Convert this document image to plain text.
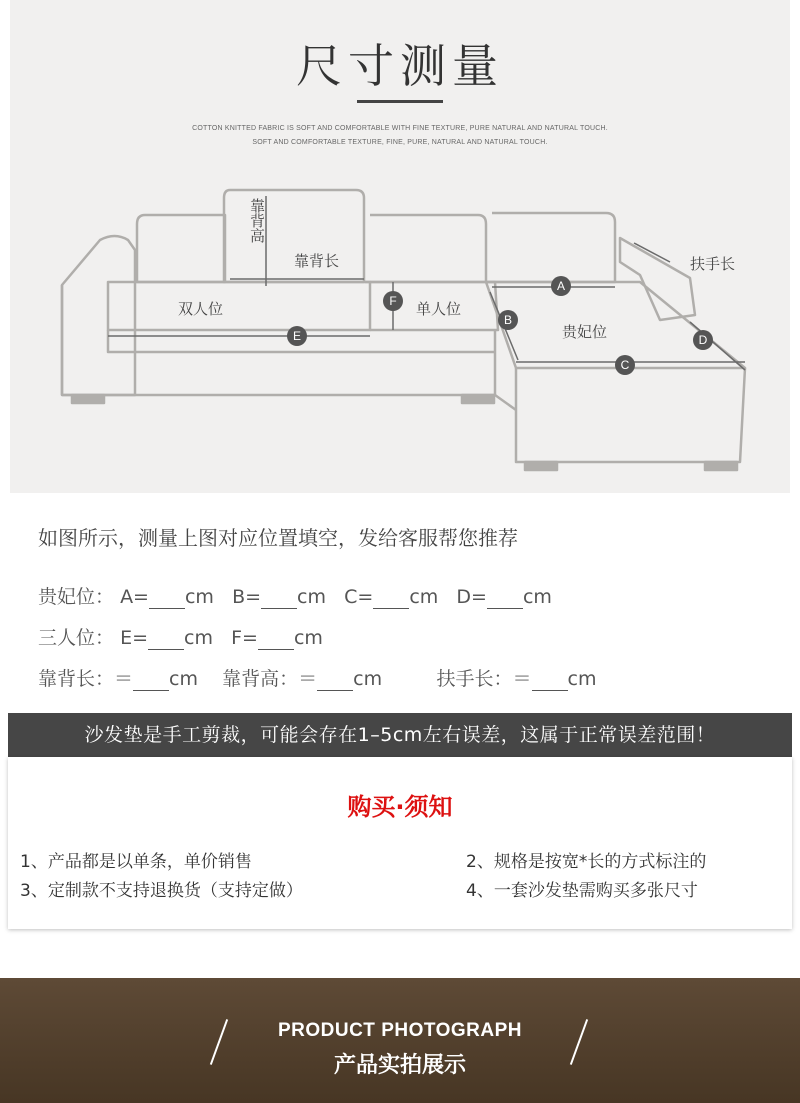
尺寸测量
COTTON KNITTED FABRIC IS SOFT AND COMFORTABLE WITH FINE TEXTURE, PURE NATURAL AND NATURAL TOUCH.
SOFT AND COMFORTABLE TEXTURE, FINE, PURE, NATURAL AND NATURAL TOUCH.
A
B
C
D
E
F
靠背高
靠背长
双人位	单人位
贵妃位
扶手长
如图所示，测量上图对应位置填空，发给客服帮您推荐
贵妃位： A= cm B= cm C= cm D= cm
三人位： E= cm F= cm
靠背长：＝ cm 靠背高：＝ cm	扶手长：＝ cm
沙发垫是手工剪裁，可能会存在1–5cm左右误差，这属于正常误差范围！
购买·须知
1、产品都是以单条，单价销售	2、规格是按宽*长的方式标注的
3、定制款不支持退换货（支持定做）	4、一套沙发垫需购买多张尺寸
PRODUCT PHOTOGRAPH
产品实拍展示
